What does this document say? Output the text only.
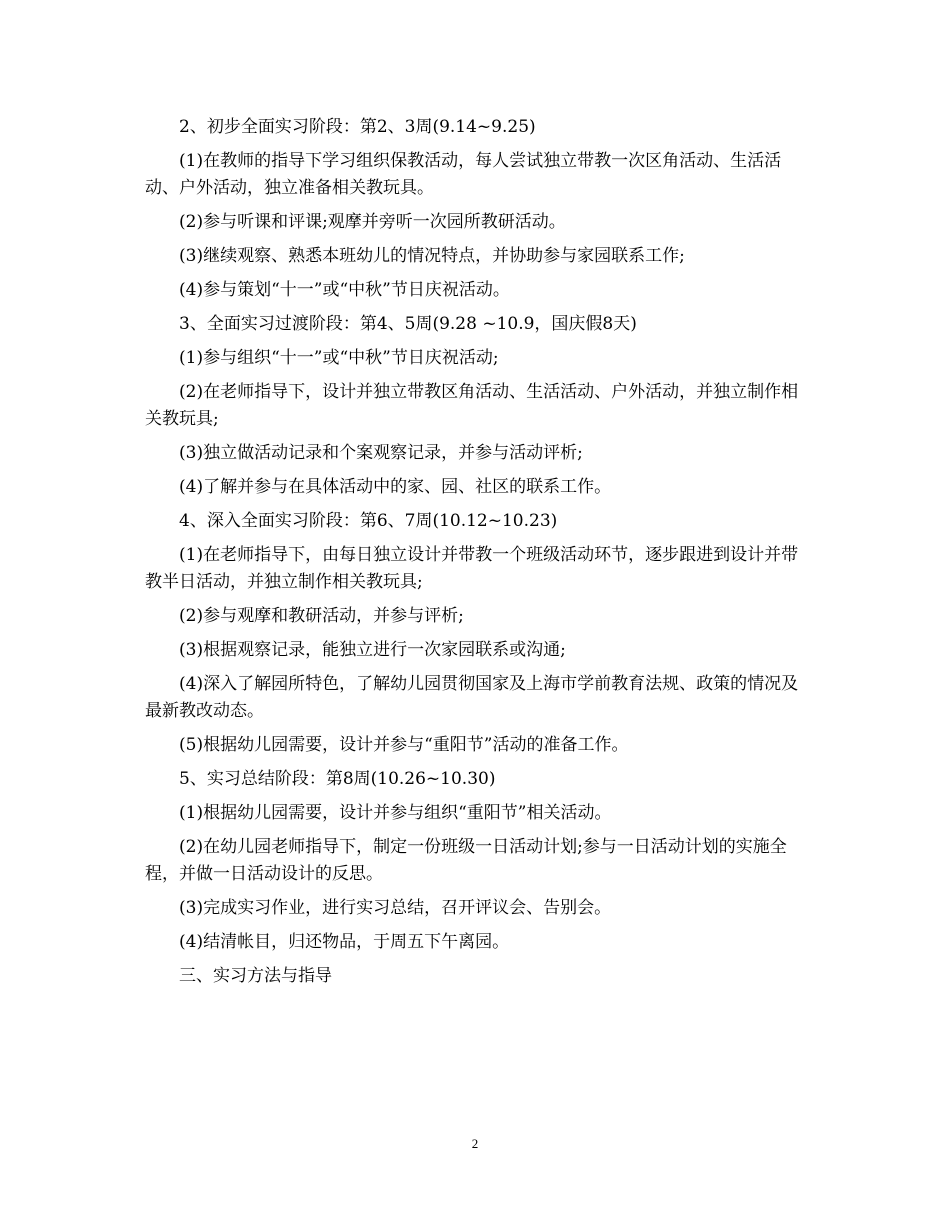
2、初步全面实习阶段：第2、3周(9.14~9.25)

(1)在教师的指导下学习组织保教活动，每人尝试独立带教一次区角活动、生活活动、户外活动，独立准备相关教玩具。

(2)参与听课和评课;观摩并旁听一次园所教研活动。

(3)继续观察、熟悉本班幼儿的情况特点，并协助参与家园联系工作;

(4)参与策划“十一”或“中秋”节日庆祝活动。

3、全面实习过渡阶段：第4、5周(9.28 ~10.9，国庆假8天)

(1)参与组织“十一”或“中秋”节日庆祝活动;

(2)在老师指导下，设计并独立带教区角活动、生活活动、户外活动，并独立制作相关教玩具;

(3)独立做活动记录和个案观察记录，并参与活动评析;

(4)了解并参与在具体活动中的家、园、社区的联系工作。

4、深入全面实习阶段：第6、7周(10.12~10.23)

(1)在老师指导下，由每日独立设计并带教一个班级活动环节，逐步跟进到设计并带教半日活动，并独立制作相关教玩具;

(2)参与观摩和教研活动，并参与评析;

(3)根据观察记录，能独立进行一次家园联系或沟通;

(4)深入了解园所特色，了解幼儿园贯彻国家及上海市学前教育法规、政策的情况及最新教改动态。

(5)根据幼儿园需要，设计并参与“重阳节”活动的准备工作。

5、实习总结阶段：第8周(10.26~10.30)

(1)根据幼儿园需要，设计并参与组织“重阳节”相关活动。

(2)在幼儿园老师指导下，制定一份班级一日活动计划;参与一日活动计划的实施全程，并做一日活动设计的反思。

(3)完成实习作业，进行实习总结，召开评议会、告别会。

(4)结清帐目，归还物品，于周五下午离园。

三、实习方法与指导

2
